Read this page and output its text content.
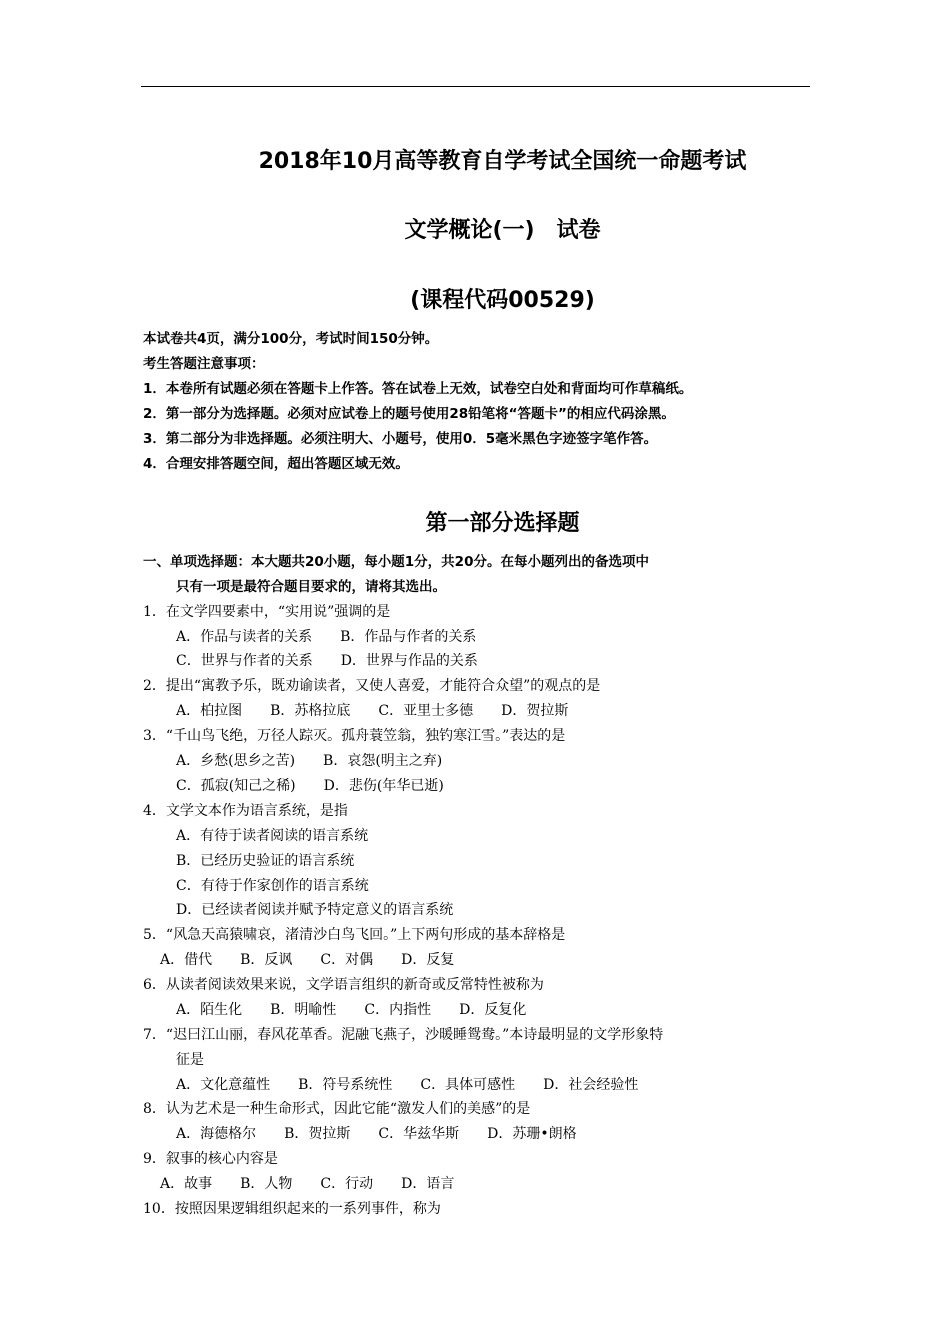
2018年10月高等教育自学考试全国统一命题考试
文学概论(一)　试卷
(课程代码00529)
本试卷共4页，满分100分，考试时间150分钟。
考生答题注意事项：
1．本卷所有试题必须在答题卡上作答。答在试卷上无效，试卷空白处和背面均可作草稿纸。
2．第一部分为选择题。必须对应试卷上的题号使用28铅笔将“答题卡”的相应代码涂黑。
3．第二部分为非选择题。必须注明大、小题号，使用0．5毫米黑色字迹签字笔作答。
4．合理安排答题空间，超出答题区域无效。
第一部分选择题
一、单项选择题：本大题共20小题，每小题1分，共20分。在每小题列出的备选项中
只有一项是最符合题目要求的，请将其选出。
1．在文学四要素中，“实用说”强调的是
A．作品与读者的关系　　B．作品与作者的关系
C．世界与作者的关系　　D．世界与作品的关系
2．提出“寓教予乐，既劝谕读者，又使人喜爱，才能符合众望”的观点的是
A．柏拉图　　B．苏格拉底　　C．亚里士多德　　D．贺拉斯
3．“千山鸟飞绝，万径人踪灭。孤舟蓑笠翁，独钓寒江雪。”表达的是
A．乡愁(思乡之苦)　　B．哀怨(明主之弃)
C．孤寂(知己之稀)　　D．悲伤(年华已逝)
4．文学文本作为语言系统，是指
A．有待于读者阅读的语言系统
B．已经历史验证的语言系统
C．有待于作家创作的语言系统
D．已经读者阅读并赋予特定意义的语言系统
5．“风急天高猿啸哀，渚清沙白鸟飞回。”上下两句形成的基本辞格是
A．借代　　B．反讽　　C．对偶　　D．反复
6．从读者阅读效果来说，文学语言组织的新奇或反常特性被称为
A．陌生化　　B．明喻性　　C．内指性　　D．反复化
7．“迟曰江山丽，春风花革香。泥融飞燕子，沙暖睡鸳鸯。”本诗最明显的文学形象特
征是
A．文化意蕴性　　B．符号系统性　　C．具体可感性　　D．社会经验性
8．认为艺术是一种生命形式，因此它能“激发人们的美感”的是
A．海德格尔　　B．贺拉斯　　C．华兹华斯　　D．苏珊•朗格
9．叙事的核心内容是
A．故事　　B．人物　　C．行动　　D．语言
10．按照因果逻辑组织起来的一系列事件，称为
